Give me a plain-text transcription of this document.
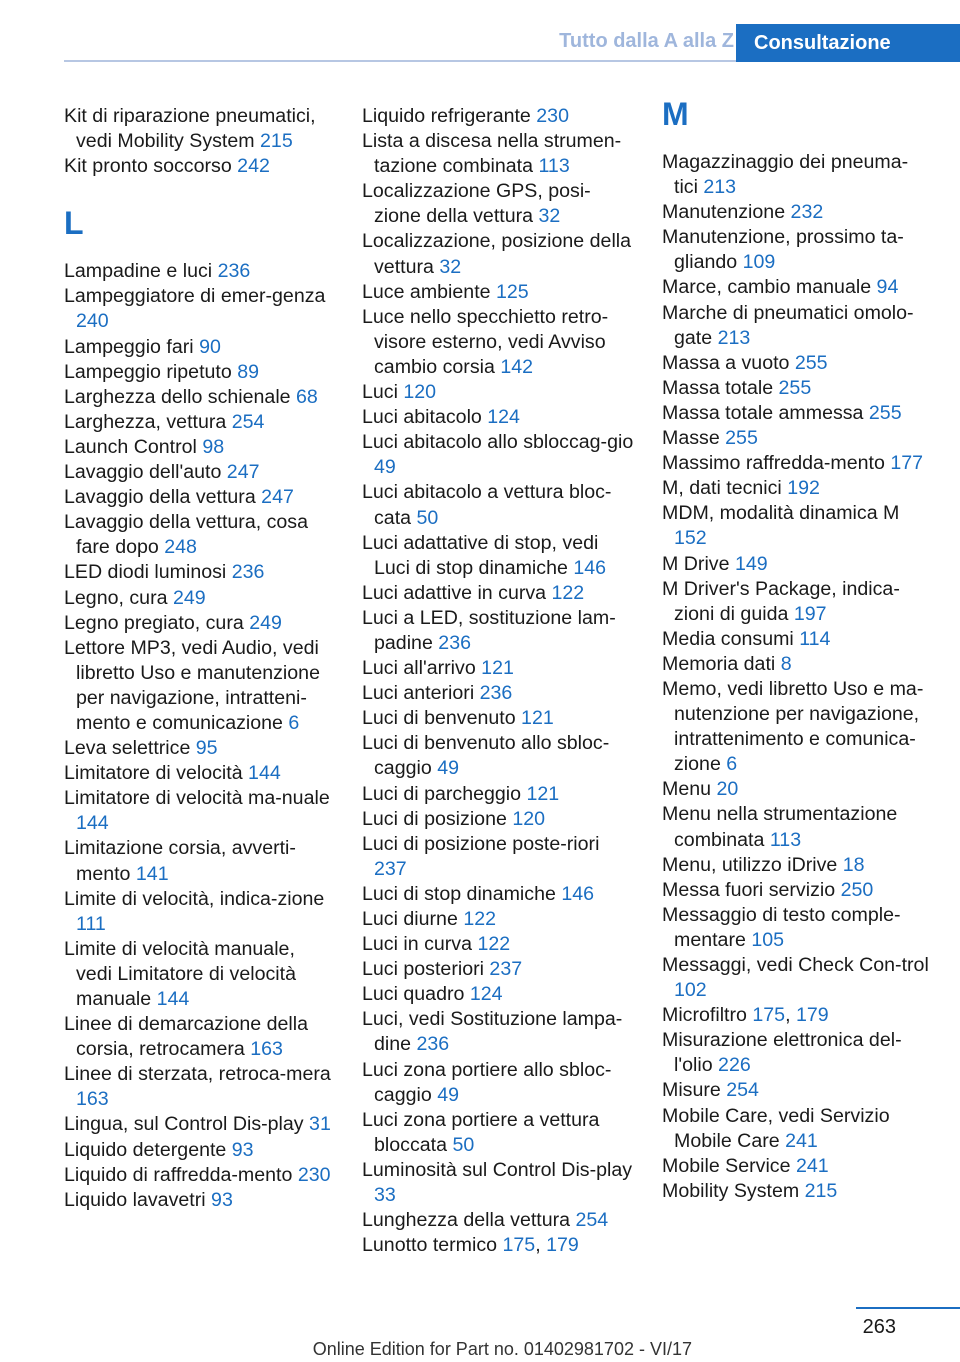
Tutto dalla A alla Z	Consultazione
Kit di riparazione pneumatici, vedi Mobility System 215
Kit pronto soccorso 242
L
Lampadine e luci 236
Lampeggiatore di emer‐genza 240
Lampeggio fari 90
Lampeggio ripetuto 89
Larghezza dello schienale 68
Larghezza, vettura 254
Launch Control 98
Lavaggio dell'auto 247
Lavaggio della vettura 247
Lavaggio della vettura, cosa fare dopo 248
LED diodi luminosi 236
Legno, cura 249
Legno pregiato, cura 249
Lettore MP3, vedi Audio, vedi libretto Uso e manutenzione per navigazione, intratteni‐mento e comunicazione 6
Leva selettrice 95
Limitatore di velocità 144
Limitatore di velocità ma‐nuale 144
Limitazione corsia, avverti‐mento 141
Limite di velocità, indica‐zione 111
Limite di velocità manuale, vedi Limitatore di velocità manuale 144
Linee di demarcazione della corsia, retrocamera 163
Linee di sterzata, retroca‐mera 163
Lingua, sul Control Dis‐play 31
Liquido detergente 93
Liquido di raffredda‐mento 230
Liquido lavavetri 93
Liquido refrigerante 230
Lista a discesa nella strumen‐tazione combinata 113
Localizzazione GPS, posi‐zione della vettura 32
Localizzazione, posizione della vettura 32
Luce ambiente 125
Luce nello specchietto retro‐visore esterno, vedi Avviso cambio corsia 142
Luci 120
Luci abitacolo 124
Luci abitacolo allo sbloccag‐gio 49
Luci abitacolo a vettura bloc‐cata 50
Luci adattative di stop, vedi Luci di stop dinamiche 146
Luci adattive in curva 122
Luci a LED, sostituzione lam‐padine 236
Luci all'arrivo 121
Luci anteriori 236
Luci di benvenuto 121
Luci di benvenuto allo sbloc‐caggio 49
Luci di parcheggio 121
Luci di posizione 120
Luci di posizione poste‐riori 237
Luci di stop dinamiche 146
Luci diurne 122
Luci in curva 122
Luci posteriori 237
Luci quadro 124
Luci, vedi Sostituzione lampa‐dine 236
Luci zona portiere allo sbloc‐caggio 49
Luci zona portiere a vettura bloccata 50
Luminosità sul Control Dis‐play 33
Lunghezza della vettura 254
Lunotto termico 175, 179
M
Magazzinaggio dei pneuma‐tici 213
Manutenzione 232
Manutenzione, prossimo ta‐gliando 109
Marce, cambio manuale 94
Marche di pneumatici omolo‐gate 213
Massa a vuoto 255
Massa totale 255
Massa totale ammessa 255
Masse 255
Massimo raffredda‐mento 177
M, dati tecnici 192
MDM, modalità dinamica M 152
M Drive 149
M Driver's Package, indica‐zioni di guida 197
Media consumi 114
Memoria dati 8
Memo, vedi libretto Uso e ma‐nutenzione per navigazione, intrattenimento e comunica‐zione 6
Menu 20
Menu nella strumentazione combinata 113
Menu, utilizzo iDrive 18
Messa fuori servizio 250
Messaggio di testo comple‐mentare 105
Messaggi, vedi Check Con‐trol 102
Microfiltro 175, 179
Misurazione elettronica del‐l'olio 226
Misure 254
Mobile Care, vedi Servizio Mobile Care 241
Mobile Service 241
Mobility System 215
263
Online Edition for Part no. 01402981702 - VI/17
